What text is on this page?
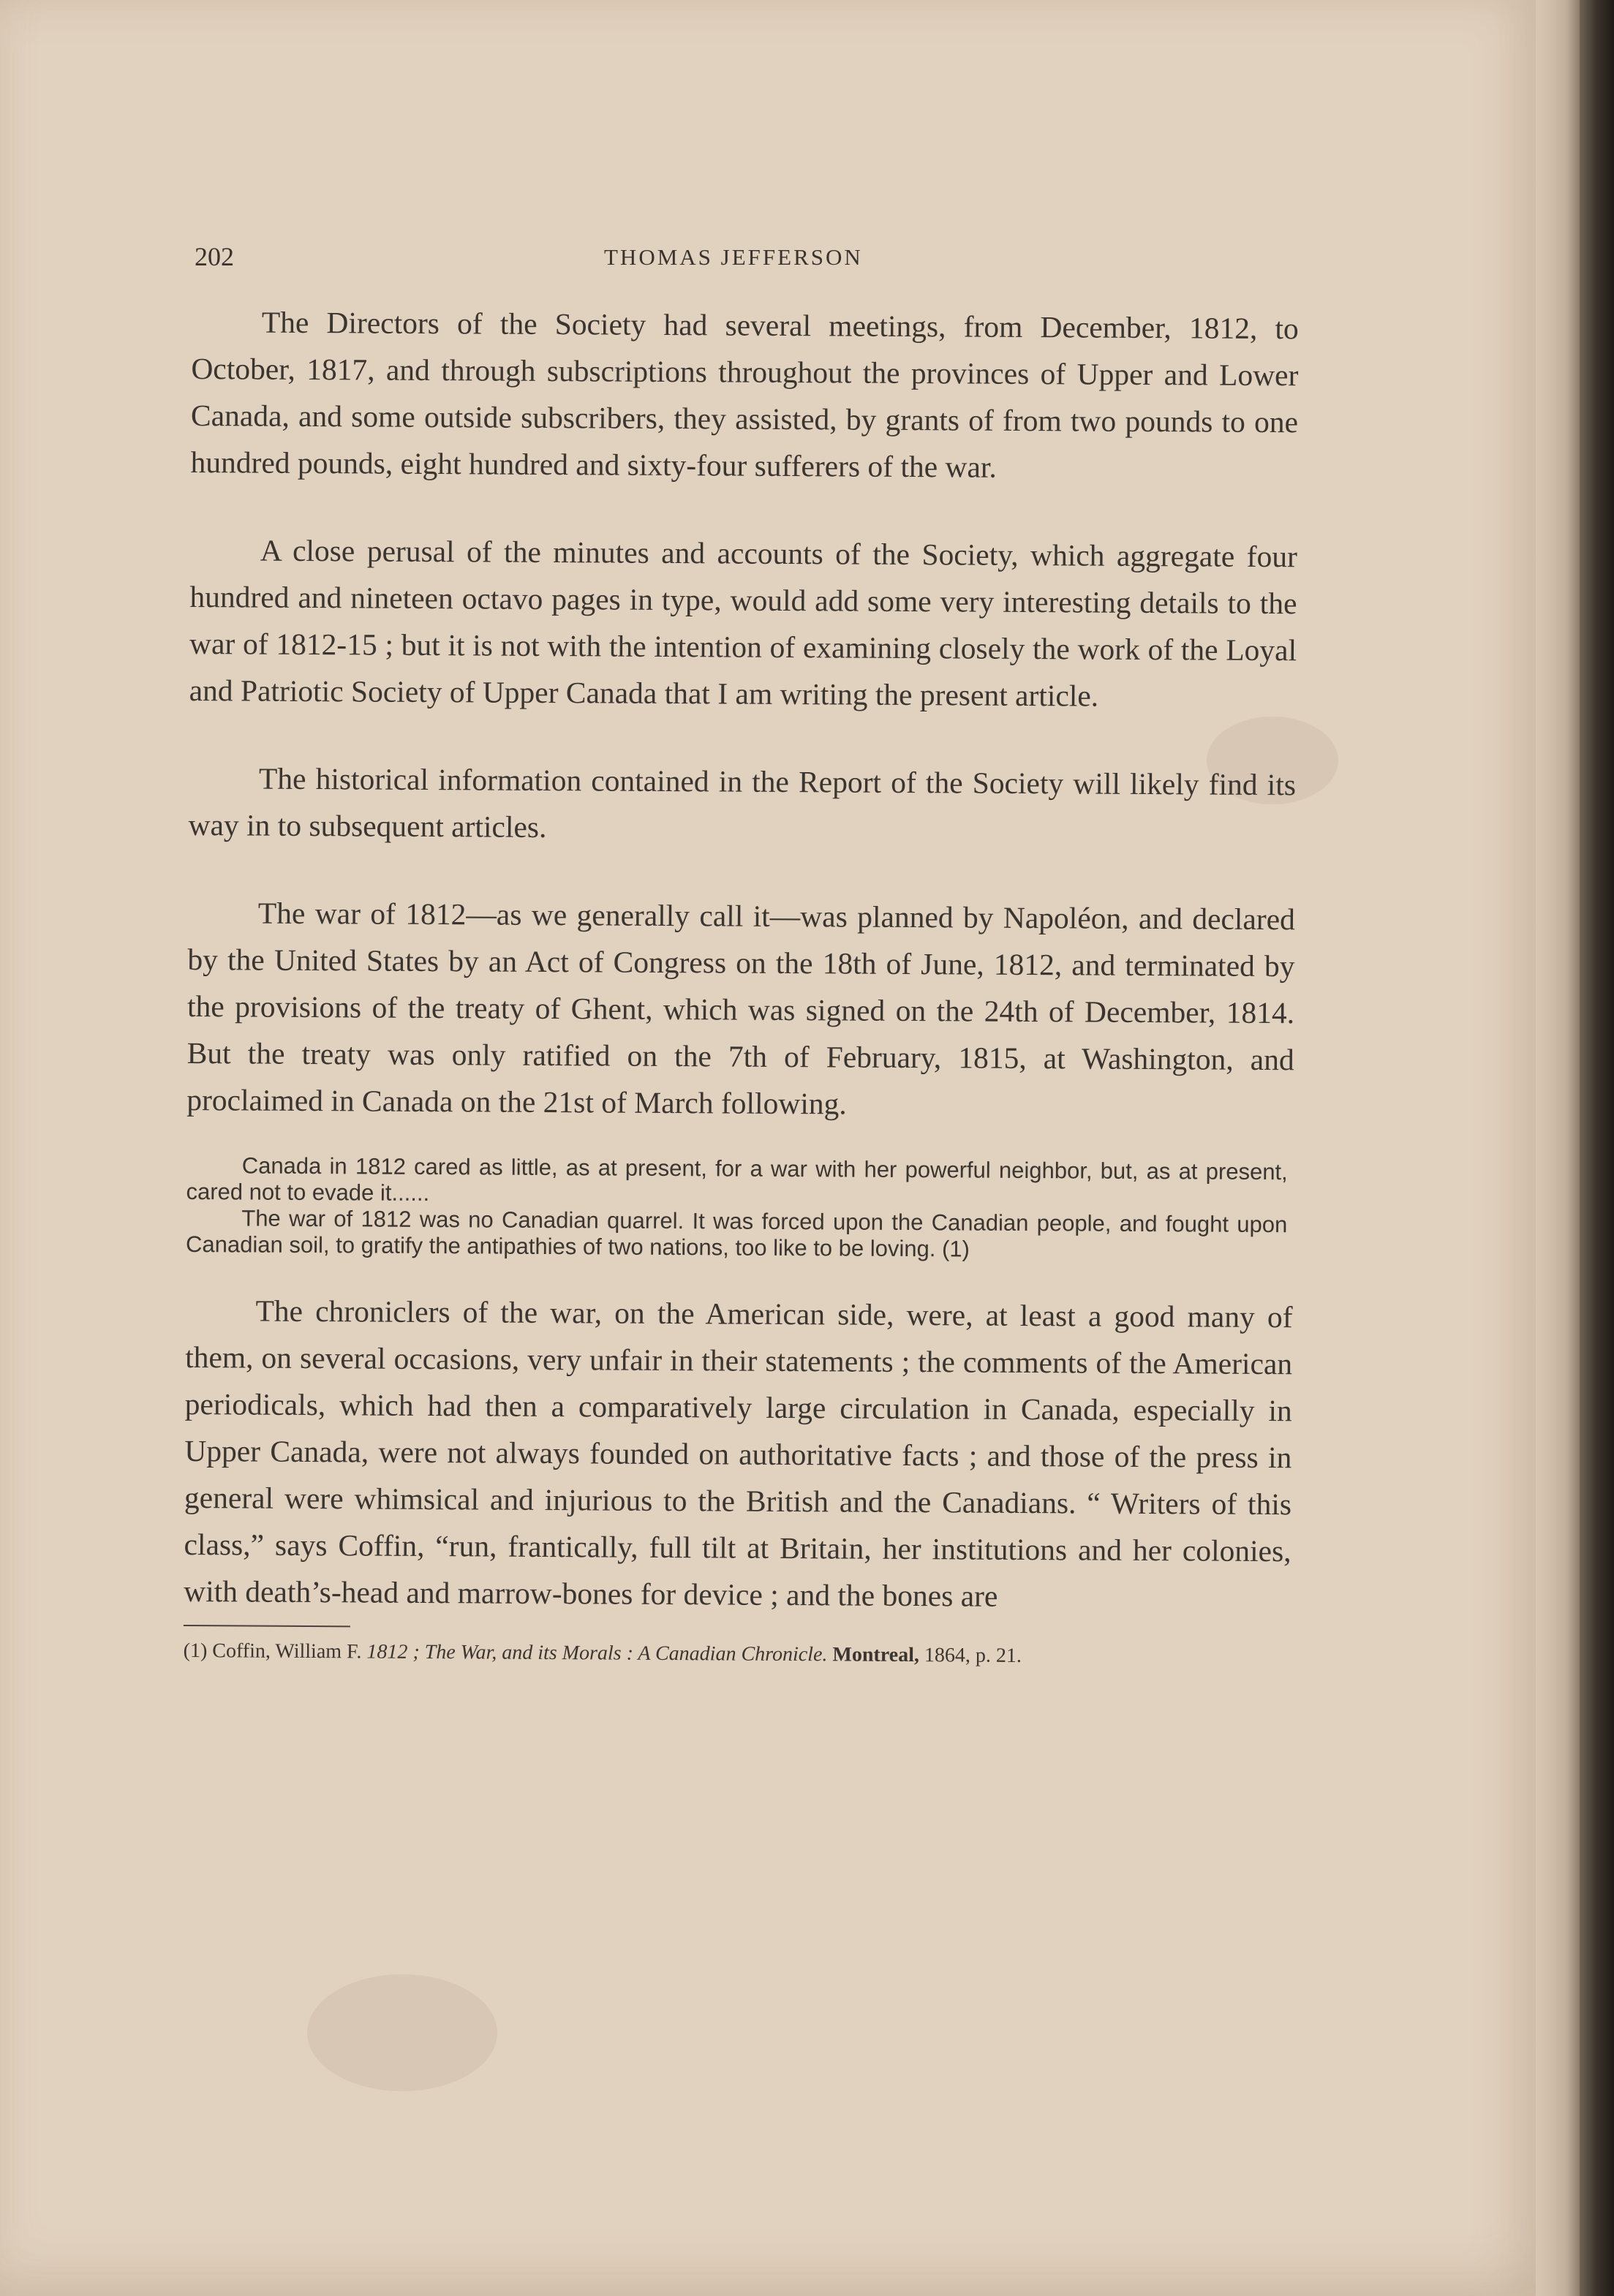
202	THOMAS JEFFERSON

The Directors of the Society had several meetings, from December, 1812, to October, 1817, and through subscriptions throughout the provinces of Upper and Lower Canada, and some outside subscribers, they assisted, by grants of from two pounds to one hundred pounds, eight hundred and sixty-four sufferers of the war.

A close perusal of the minutes and accounts of the Society, which aggregate four hundred and nineteen octavo pages in type, would add some very interesting details to the war of 1812-15 ; but it is not with the intention of examining closely the work of the Loyal and Patriotic Society of Upper Canada that I am writing the present article.

The historical information contained in the Report of the Society will likely find its way in to subsequent articles.

The war of 1812—as we generally call it—was planned by Napoléon, and declared by the United States by an Act of Congress on the 18th of June, 1812, and terminated by the provisions of the treaty of Ghent, which was signed on the 24th of December, 1814. But the treaty was only ratified on the 7th of February, 1815, at Washington, and proclaimed in Canada on the 21st of March following.

Canada in 1812 cared as little, as at present, for a war with her powerful neighbor, but, as at present, cared not to evade it......

The war of 1812 was no Canadian quarrel. It was forced upon the Canadian people, and fought upon Canadian soil, to gratify the antipathies of two nations, too like to be loving. (1)

The chroniclers of the war, on the American side, were, at least a good many of them, on several occasions, very unfair in their statements ; the comments of the American periodicals, which had then a comparatively large circulation in Canada, especially in Upper Canada, were not always founded on authoritative facts ; and those of the press in general were whimsical and injurious to the British and the Canadians. “ Writers of this class,” says Coffin, “run, frantically, full tilt at Britain, her institutions and her colonies, with death’s-head and marrow-bones for device ; and the bones are

(1) Coffin, William F. 1812 ; The War, and its Morals : A Canadian Chronicle. Montreal, 1864, p. 21.
